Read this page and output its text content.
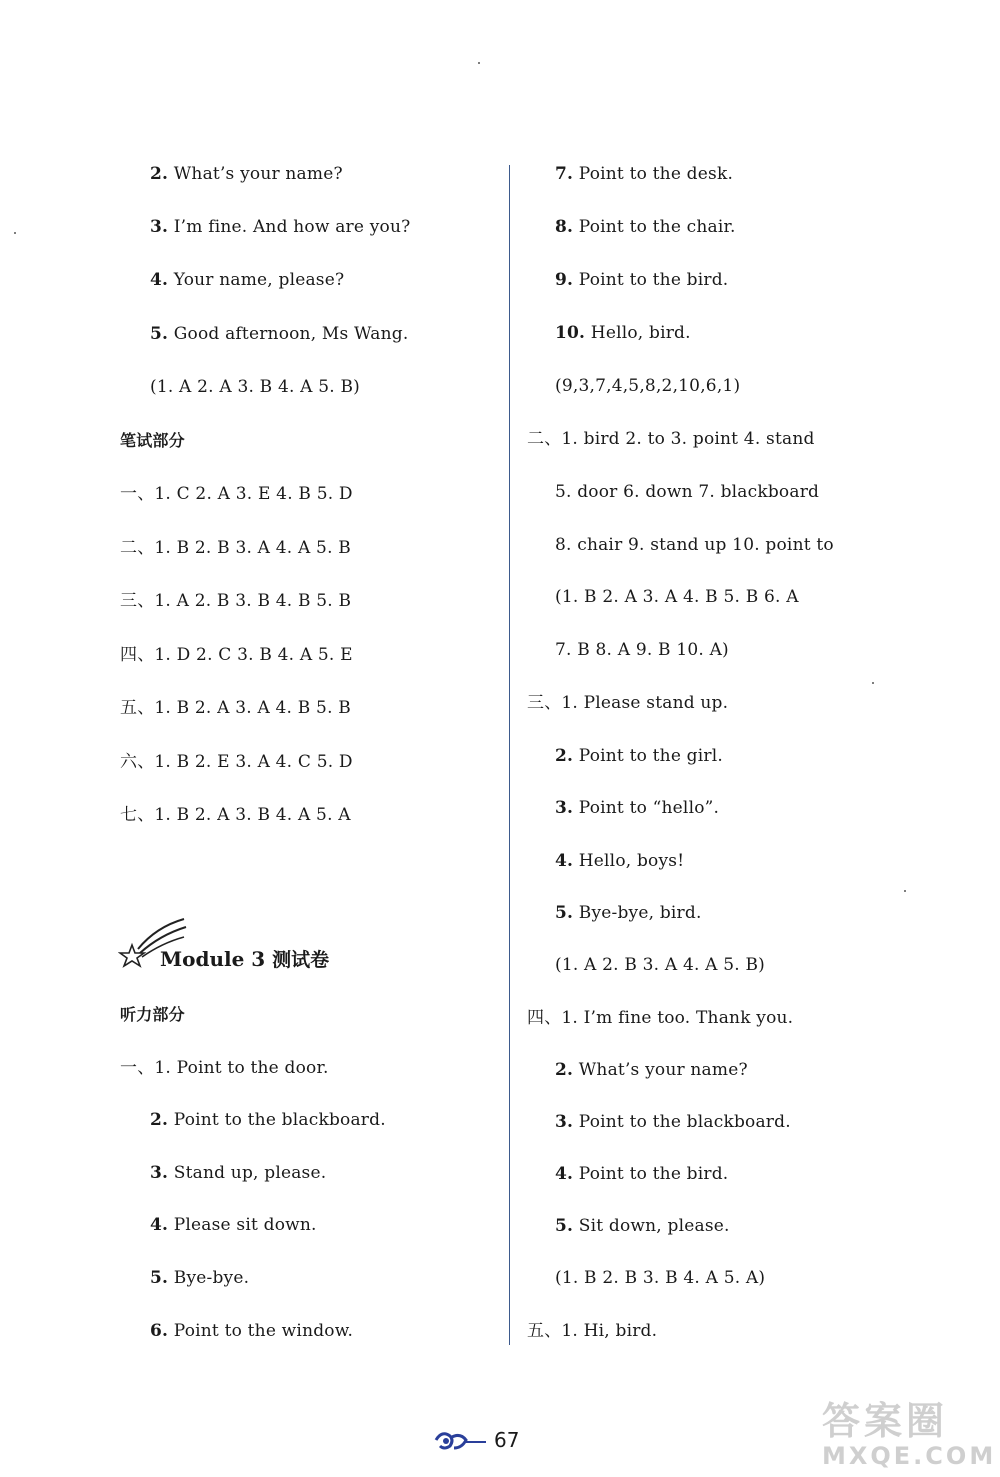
2. What’s your name?
3. I’m fine. And how are you?
4. Your name, please?
5. Good afternoon, Ms Wang.
(1. A 2. A 3. B 4. A 5. B)
笔试部分
一、1. C 2. A 3. E 4. B 5. D
二、1. B 2. B 3. A 4. A 5. B
三、1. A 2. B 3. B 4. B 5. B
四、1. D 2. C 3. B 4. A 5. E
五、1. B 2. A 3. A 4. B 5. B
六、1. B 2. E 3. A 4. C 5. D
七、1. B 2. A 3. B 4. A 5. A
Module 3 测试卷
听力部分
一、1. Point to the door.
2. Point to the blackboard.
3. Stand up, please.
4. Please sit down.
5. Bye-bye.
6. Point to the window.
7. Point to the desk.
8. Point to the chair.
9. Point to the bird.
10. Hello, bird.
(9,3,7,4,5,8,2,10,6,1)
二、1. bird 2. to 3. point 4. stand
5. door 6. down 7. blackboard
8. chair 9. stand up 10. point to
(1. B 2. A 3. A 4. B 5. B 6. A
7. B 8. A 9. B 10. A)
三、1. Please stand up.
2. Point to the girl.
3. Point to “hello”.
4. Hello, boys!
5. Bye-bye, bird.
(1. A 2. B 3. A 4. A 5. B)
四、1. I’m fine too. Thank you.
2. What’s your name?
3. Point to the blackboard.
4. Point to the bird.
5. Sit down, please.
(1. B 2. B 3. B 4. A 5. A)
五、1. Hi, bird.
67	答案圈
MXQE.COM
